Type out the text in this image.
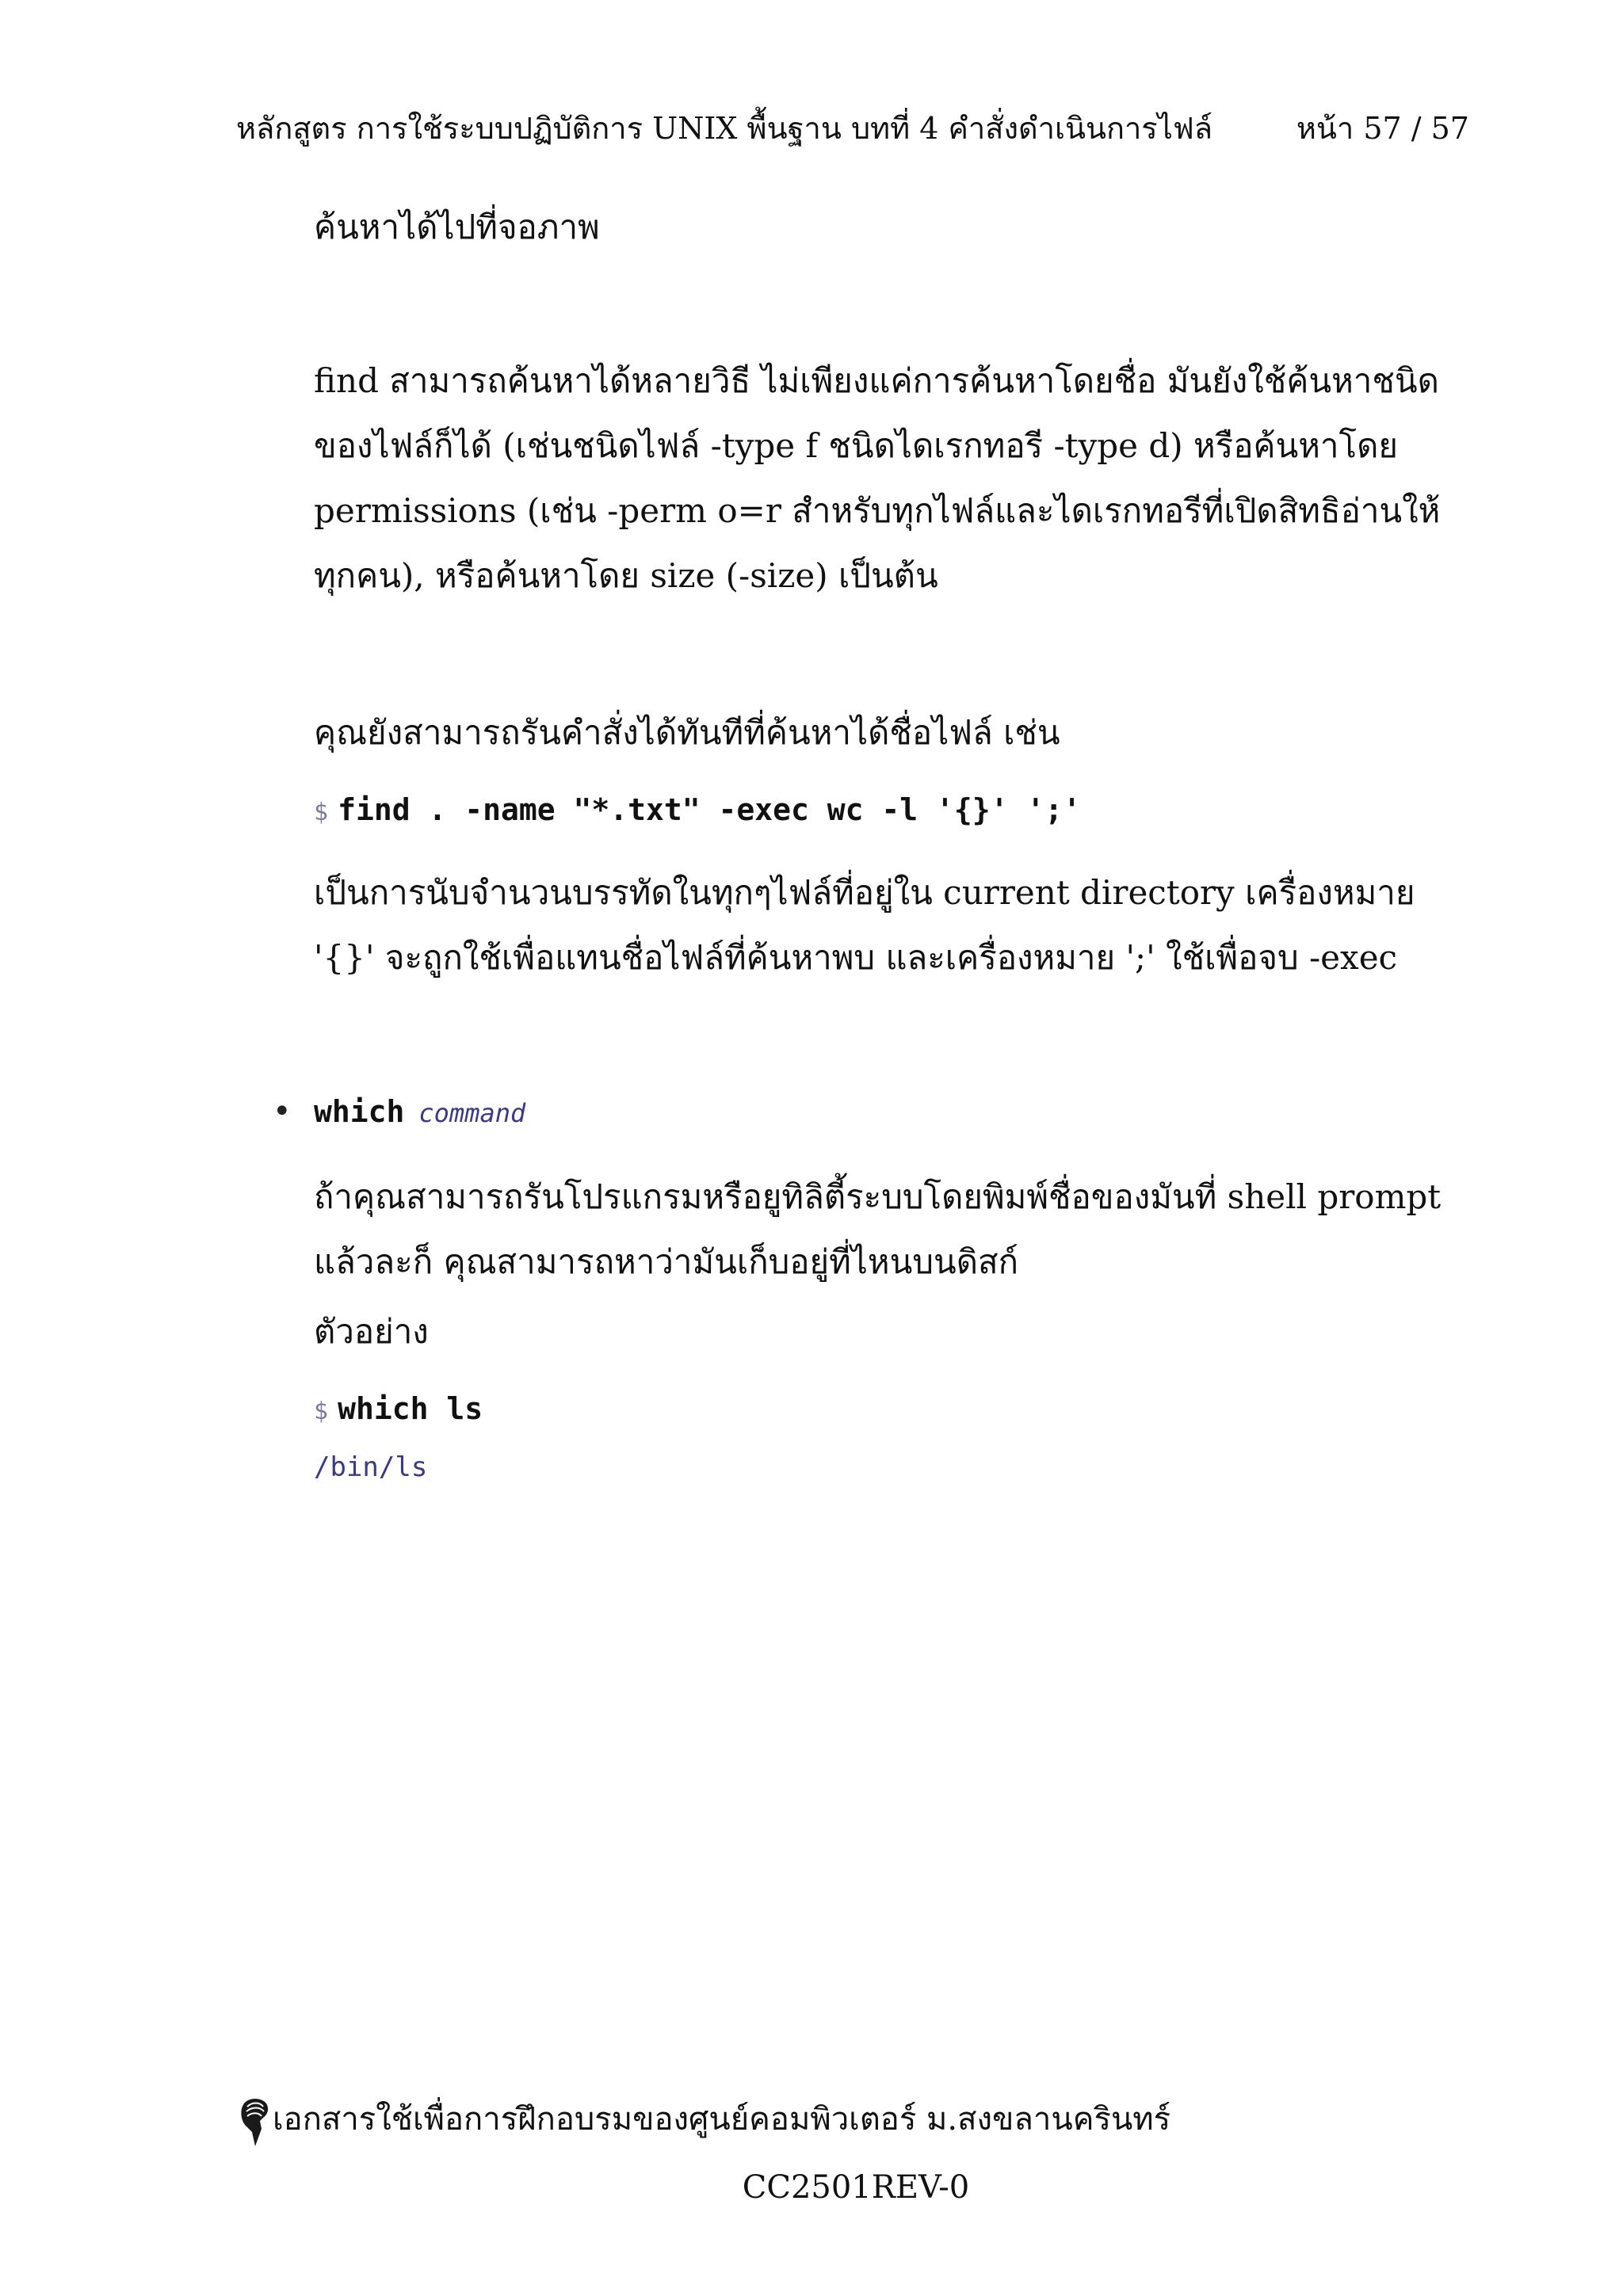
หลักสูตร การใช้ระบบปฏิบัติการ UNIX พื้นฐาน บทที่ 4 คำสั่งดำเนินการไฟล์	หน้า 57 / 57
ค้นหาได้ไปที่จอภาพ
find สามารถค้นหาได้หลายวิธี ไม่เพียงแค่การค้นหาโดยชื่อ มันยังใช้ค้นหาชนิดของไฟล์ก็ได้ (เช่นชนิดไฟล์ -type f ชนิดไดเรกทอรี -type d) หรือค้นหาโดย permissions (เช่น -perm o=r สำหรับทุกไฟล์และไดเรกทอรีที่เปิดสิทธิอ่านให้ทุกคน), หรือค้นหาโดย size (-size) เป็นต้น
คุณยังสามารถรันคำสั่งได้ทันทีที่ค้นหาได้ชื่อไฟล์ เช่น
$ find . -name "*.txt" -exec wc -l '{}' ';'
เป็นการนับจำนวนบรรทัดในทุกๆไฟล์ที่อยู่ใน current directory เครื่องหมาย '{}' จะถูกใช้เพื่อแทนชื่อไฟล์ที่ค้นหาพบ และเครื่องหมาย ';' ใช้เพื่อจบ -exec
• which command
ถ้าคุณสามารถรันโปรแกรมหรือยูทิลิตี้ระบบโดยพิมพ์ชื่อของมันที่ shell prompt แล้วละก็ คุณสามารถหาว่ามันเก็บอยู่ที่ไหนบนดิสก์
ตัวอย่าง
$ which ls
/bin/ls
เอกสารใช้เพื่อการฝึกอบรมของศูนย์คอมพิวเตอร์ ม.สงขลานครินทร์
CC2501REV-0
